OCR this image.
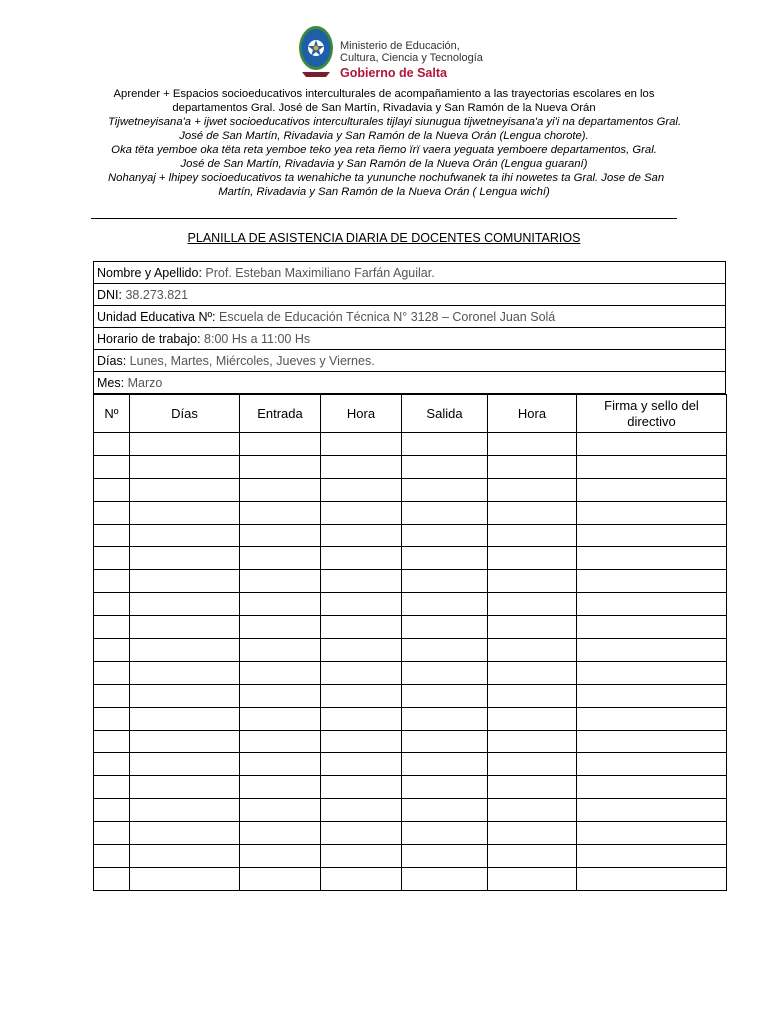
Ministerio de Educación,
Cultura, Ciencia y Tecnología
Gobierno de Salta
Aprender + Espacios socioeducativos interculturales de acompañamiento a las trayectorias escolares en los
departamentos Gral. José de San Martín, Rivadavia y San Ramón de la Nueva Orán
Tijwetneyisana'a + ijwet socioeducativos interculturales tijlayi siunugua tijwetneyisana'a yi'i na departamentos Gral.
José de San Martín, Rivadavia y San Ramón de la Nueva Orán (Lengua chorote).
Oka tëta yemboe oka tëta reta yemboe teko yea reta ñemo ïrï vaera yeguata yemboere departamentos, Gral.
José de San Martín, Rivadavia y San Ramón de la Nueva Orán (Lengua guaraní)
Nohanyaj + lhipey socioeducativos ta wenahiche ta yununche nochufwanek ta ihi nowetes ta Gral. Jose de San
Martín, Rivadavia y San Ramón de la Nueva Orán ( Lengua wichí)
PLANILLA DE ASISTENCIA DIARIA DE DOCENTES COMUNITARIOS
Nombre y Apellido: Prof. Esteban Maximiliano Farfán Aguilar.
DNI: 38.273.821
Unidad Educativa Nº: Escuela de Educación Técnica N° 3128 – Coronel Juan Solá
Horario de trabajo: 8:00 Hs a 11:00 Hs
Días: Lunes, Martes, Miércoles, Jueves y Viernes.
Mes: Marzo
Nº	Días	Entrada	Hora	Salida	Hora	Firma y sello del directivo
